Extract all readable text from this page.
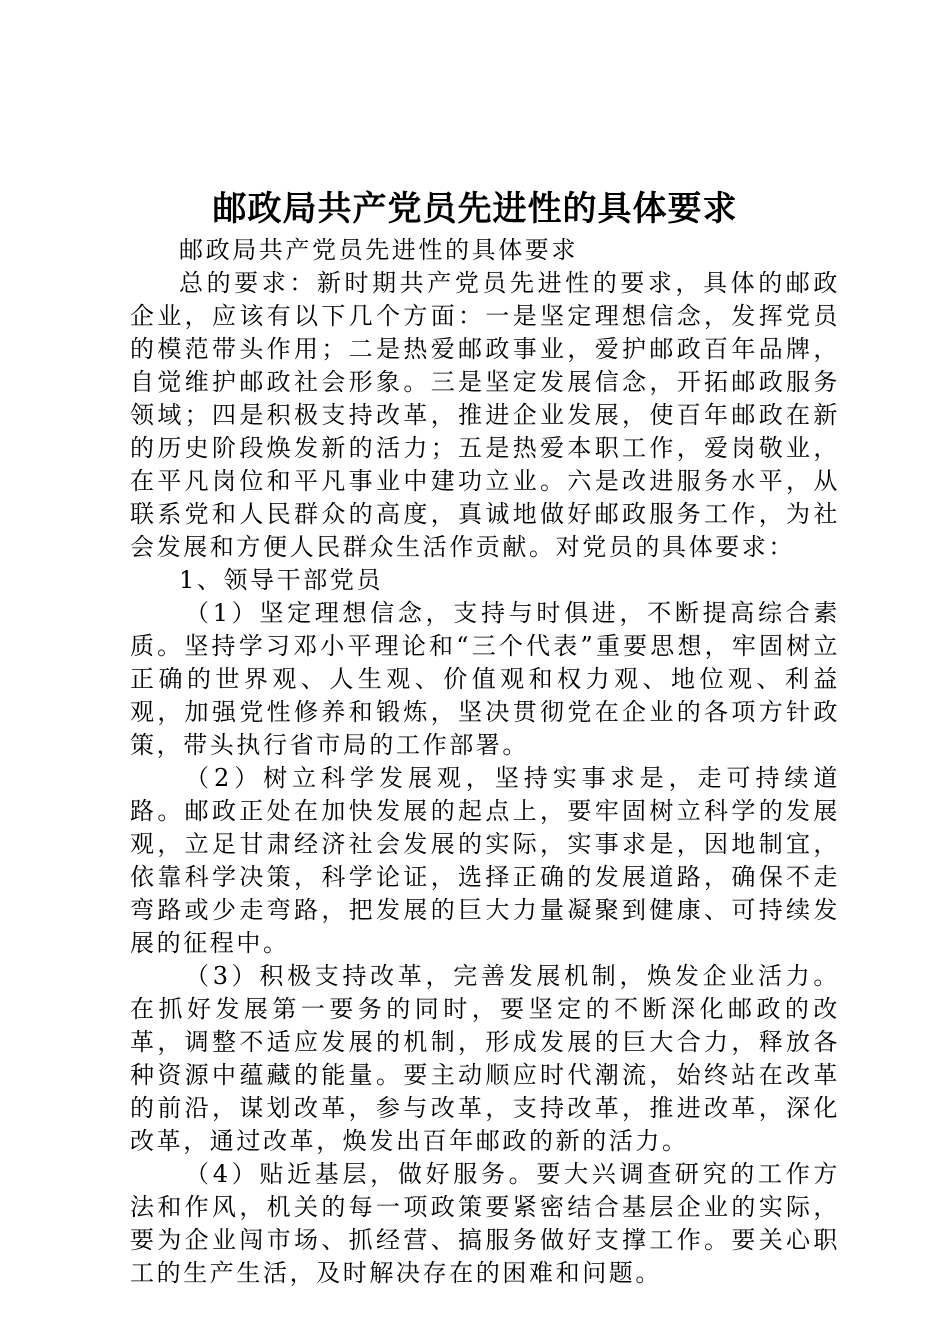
邮政局共产党员先进性的具体要求

邮政局共产党员先进性的具体要求

总的要求：新时期共产党员先进性的要求，具体的邮政企业，应该有以下几个方面：一是坚定理想信念，发挥党员的模范带头作用；二是热爱邮政事业，爱护邮政百年品牌，自觉维护邮政社会形象。三是坚定发展信念，开拓邮政服务领域；四是积极支持改革，推进企业发展，使百年邮政在新的历史阶段焕发新的活力；五是热爱本职工作，爱岗敬业，在平凡岗位和平凡事业中建功立业。六是改进服务水平，从联系党和人民群众的高度，真诚地做好邮政服务工作，为社会发展和方便人民群众生活作贡献。对党员的具体要求：

1、领导干部党员

（1）坚定理想信念，支持与时俱进，不断提高综合素质。坚持学习邓小平理论和“三个代表”重要思想，牢固树立正确的世界观、人生观、价值观和权力观、地位观、利益观，加强党性修养和锻炼，坚决贯彻党在企业的各项方针政策，带头执行省市局的工作部署。

（2）树立科学发展观，坚持实事求是，走可持续道路。邮政正处在加快发展的起点上，要牢固树立科学的发展观，立足甘肃经济社会发展的实际，实事求是，因地制宜，依靠科学决策，科学论证，选择正确的发展道路，确保不走弯路或少走弯路，把发展的巨大力量凝聚到健康、可持续发展的征程中。

（3）积极支持改革，完善发展机制，焕发企业活力。在抓好发展第一要务的同时，要坚定的不断深化邮政的改革，调整不适应发展的机制，形成发展的巨大合力，释放各种资源中蕴藏的能量。要主动顺应时代潮流，始终站在改革的前沿，谋划改革，参与改革，支持改革，推进改革，深化改革，通过改革，焕发出百年邮政的新的活力。

（4）贴近基层，做好服务。要大兴调查研究的工作方法和作风，机关的每一项政策要紧密结合基层企业的实际，要为企业闯市场、抓经营、搞服务做好支撑工作。要关心职工的生产生活，及时解决存在的困难和问题。
